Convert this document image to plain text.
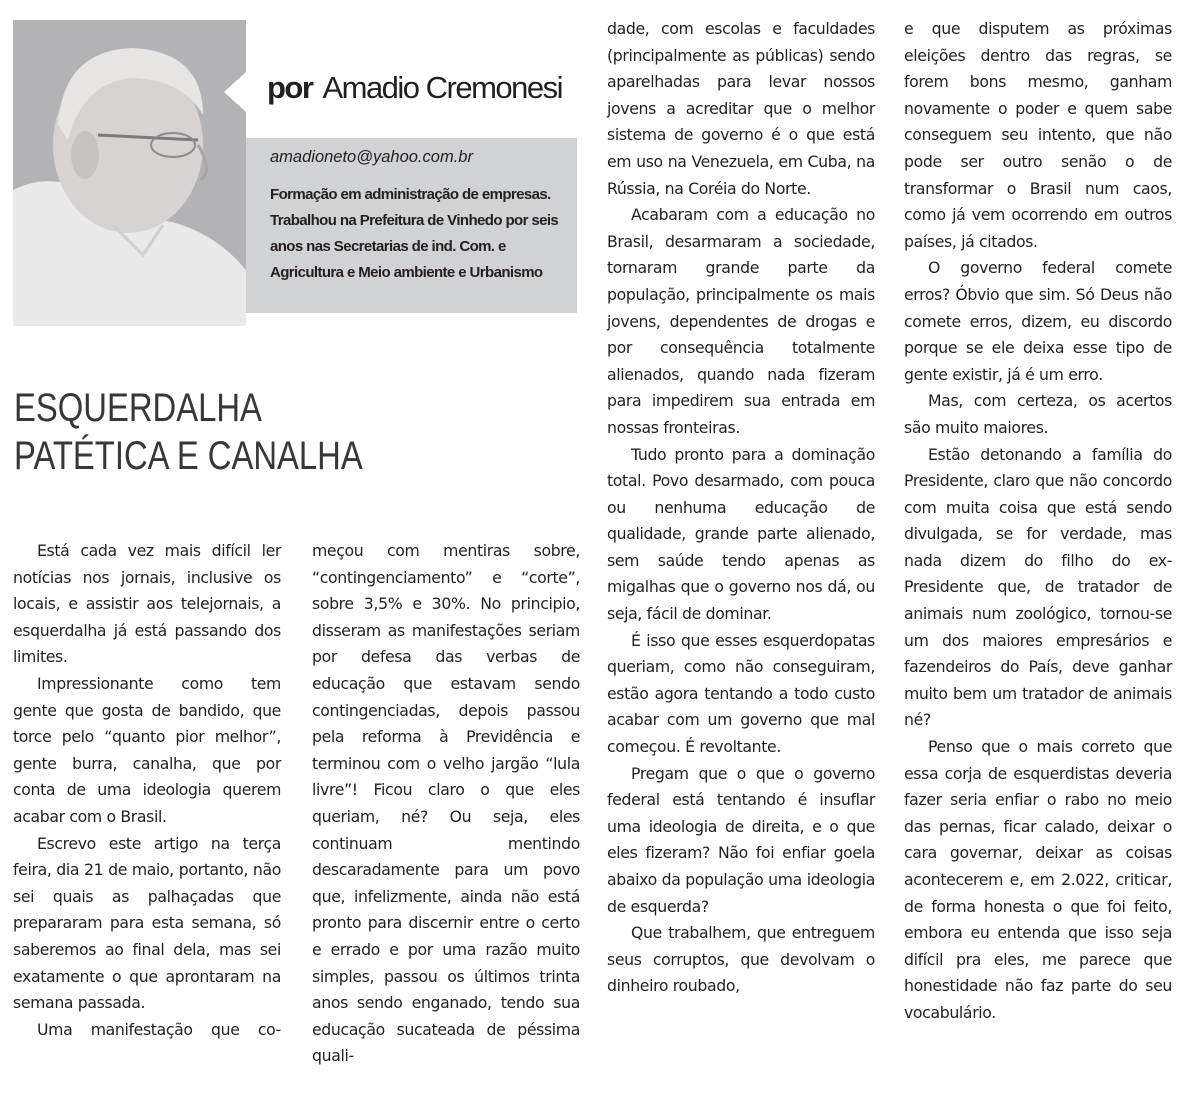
por Amadio Cremonesi
amadioneto@yahoo.com.br
Formação em administração de empresas. Trabalhou na Prefeitura de Vinhedo por seis anos nas Secretarias de ind. Com. e Agricultura e Meio ambiente e Urbanismo
ESQUERDALHA
PATÉTICA E CANALHA

Está cada vez mais difícil ler notícias nos jornais, inclusive os locais, e assistir aos telejornais, a esquerdalha já está passando dos limites.

Impressionante como tem gente que gosta de bandido, que torce pelo “quanto pior melhor”, gente burra, canalha, que por conta de uma ideologia querem acabar com o Brasil.

Escrevo este artigo na terça feira, dia 21 de maio, portanto, não sei quais as palhaçadas que prepararam para esta semana, só saberemos ao final dela, mas sei exatamente o que aprontaram na semana passada.

Uma manifestação que co-

meçou com mentiras sobre, “contingenciamento” e “corte”, sobre 3,5% e 30%. No principio, disseram as manifestações seriam por defesa das verbas de educação que estavam sendo contingenciadas, depois passou pela reforma à Previdência e terminou com o velho jargão “lula livre”! Ficou claro o que eles queriam, né? Ou seja, eles continuam mentindo descaradamente para um povo que, infelizmente, ainda não está pronto para discernir entre o certo e errado e por uma razão muito simples, passou os últimos trinta anos sendo enganado, tendo sua educação sucateada de péssima quali-

dade, com escolas e faculdades (principalmente as públicas) sendo aparelhadas para levar nossos jovens a acreditar que o melhor sistema de governo é o que está em uso na Venezuela, em Cuba, na Rússia, na Coréia do Norte.

Acabaram com a educação no Brasil, desarmaram a sociedade, tornaram grande parte da população, principalmente os mais jovens, dependentes de drogas e por consequência totalmente alienados, quando nada fizeram para impedirem sua entrada em nossas fronteiras.

Tudo pronto para a dominação total. Povo desarmado, com pouca ou nenhuma educação de qualidade, grande parte alienado, sem saúde tendo apenas as migalhas que o governo nos dá, ou seja, fácil de dominar.

É isso que esses esquerdopatas queriam, como não conseguiram, estão agora tentando a todo custo acabar com um governo que mal começou. É revoltante.

Pregam que o que o governo federal está tentando é insuflar uma ideologia de direita, e o que eles fizeram? Não foi enfiar goela abaixo da população uma ideologia de esquerda?

Que trabalhem, que entreguem seus corruptos, que devolvam o dinheiro roubado,

e que disputem as próximas eleições dentro das regras, se forem bons mesmo, ganham novamente o poder e quem sabe conseguem seu intento, que não pode ser outro senão o de transformar o Brasil num caos, como já vem ocorrendo em outros países, já citados.

O governo federal comete erros? Óbvio que sim. Só Deus não comete erros, dizem, eu discordo porque se ele deixa esse tipo de gente existir, já é um erro.

Mas, com certeza, os acertos são muito maiores.

Estão detonando a família do Presidente, claro que não concordo com muita coisa que está sendo divulgada, se for verdade, mas nada dizem do filho do ex-Presidente que, de tratador de animais num zoológico, tornou-se um dos maiores empresários e fazendeiros do País, deve ganhar muito bem um tratador de animais né?

Penso que o mais correto que essa corja de esquerdistas deveria fazer seria enfiar o rabo no meio das pernas, ficar calado, deixar o cara governar, deixar as coisas acontecerem e, em 2.022, criticar, de forma honesta o que foi feito, embora eu entenda que isso seja difícil pra eles, me parece que honestidade não faz parte do seu vocabulário.
